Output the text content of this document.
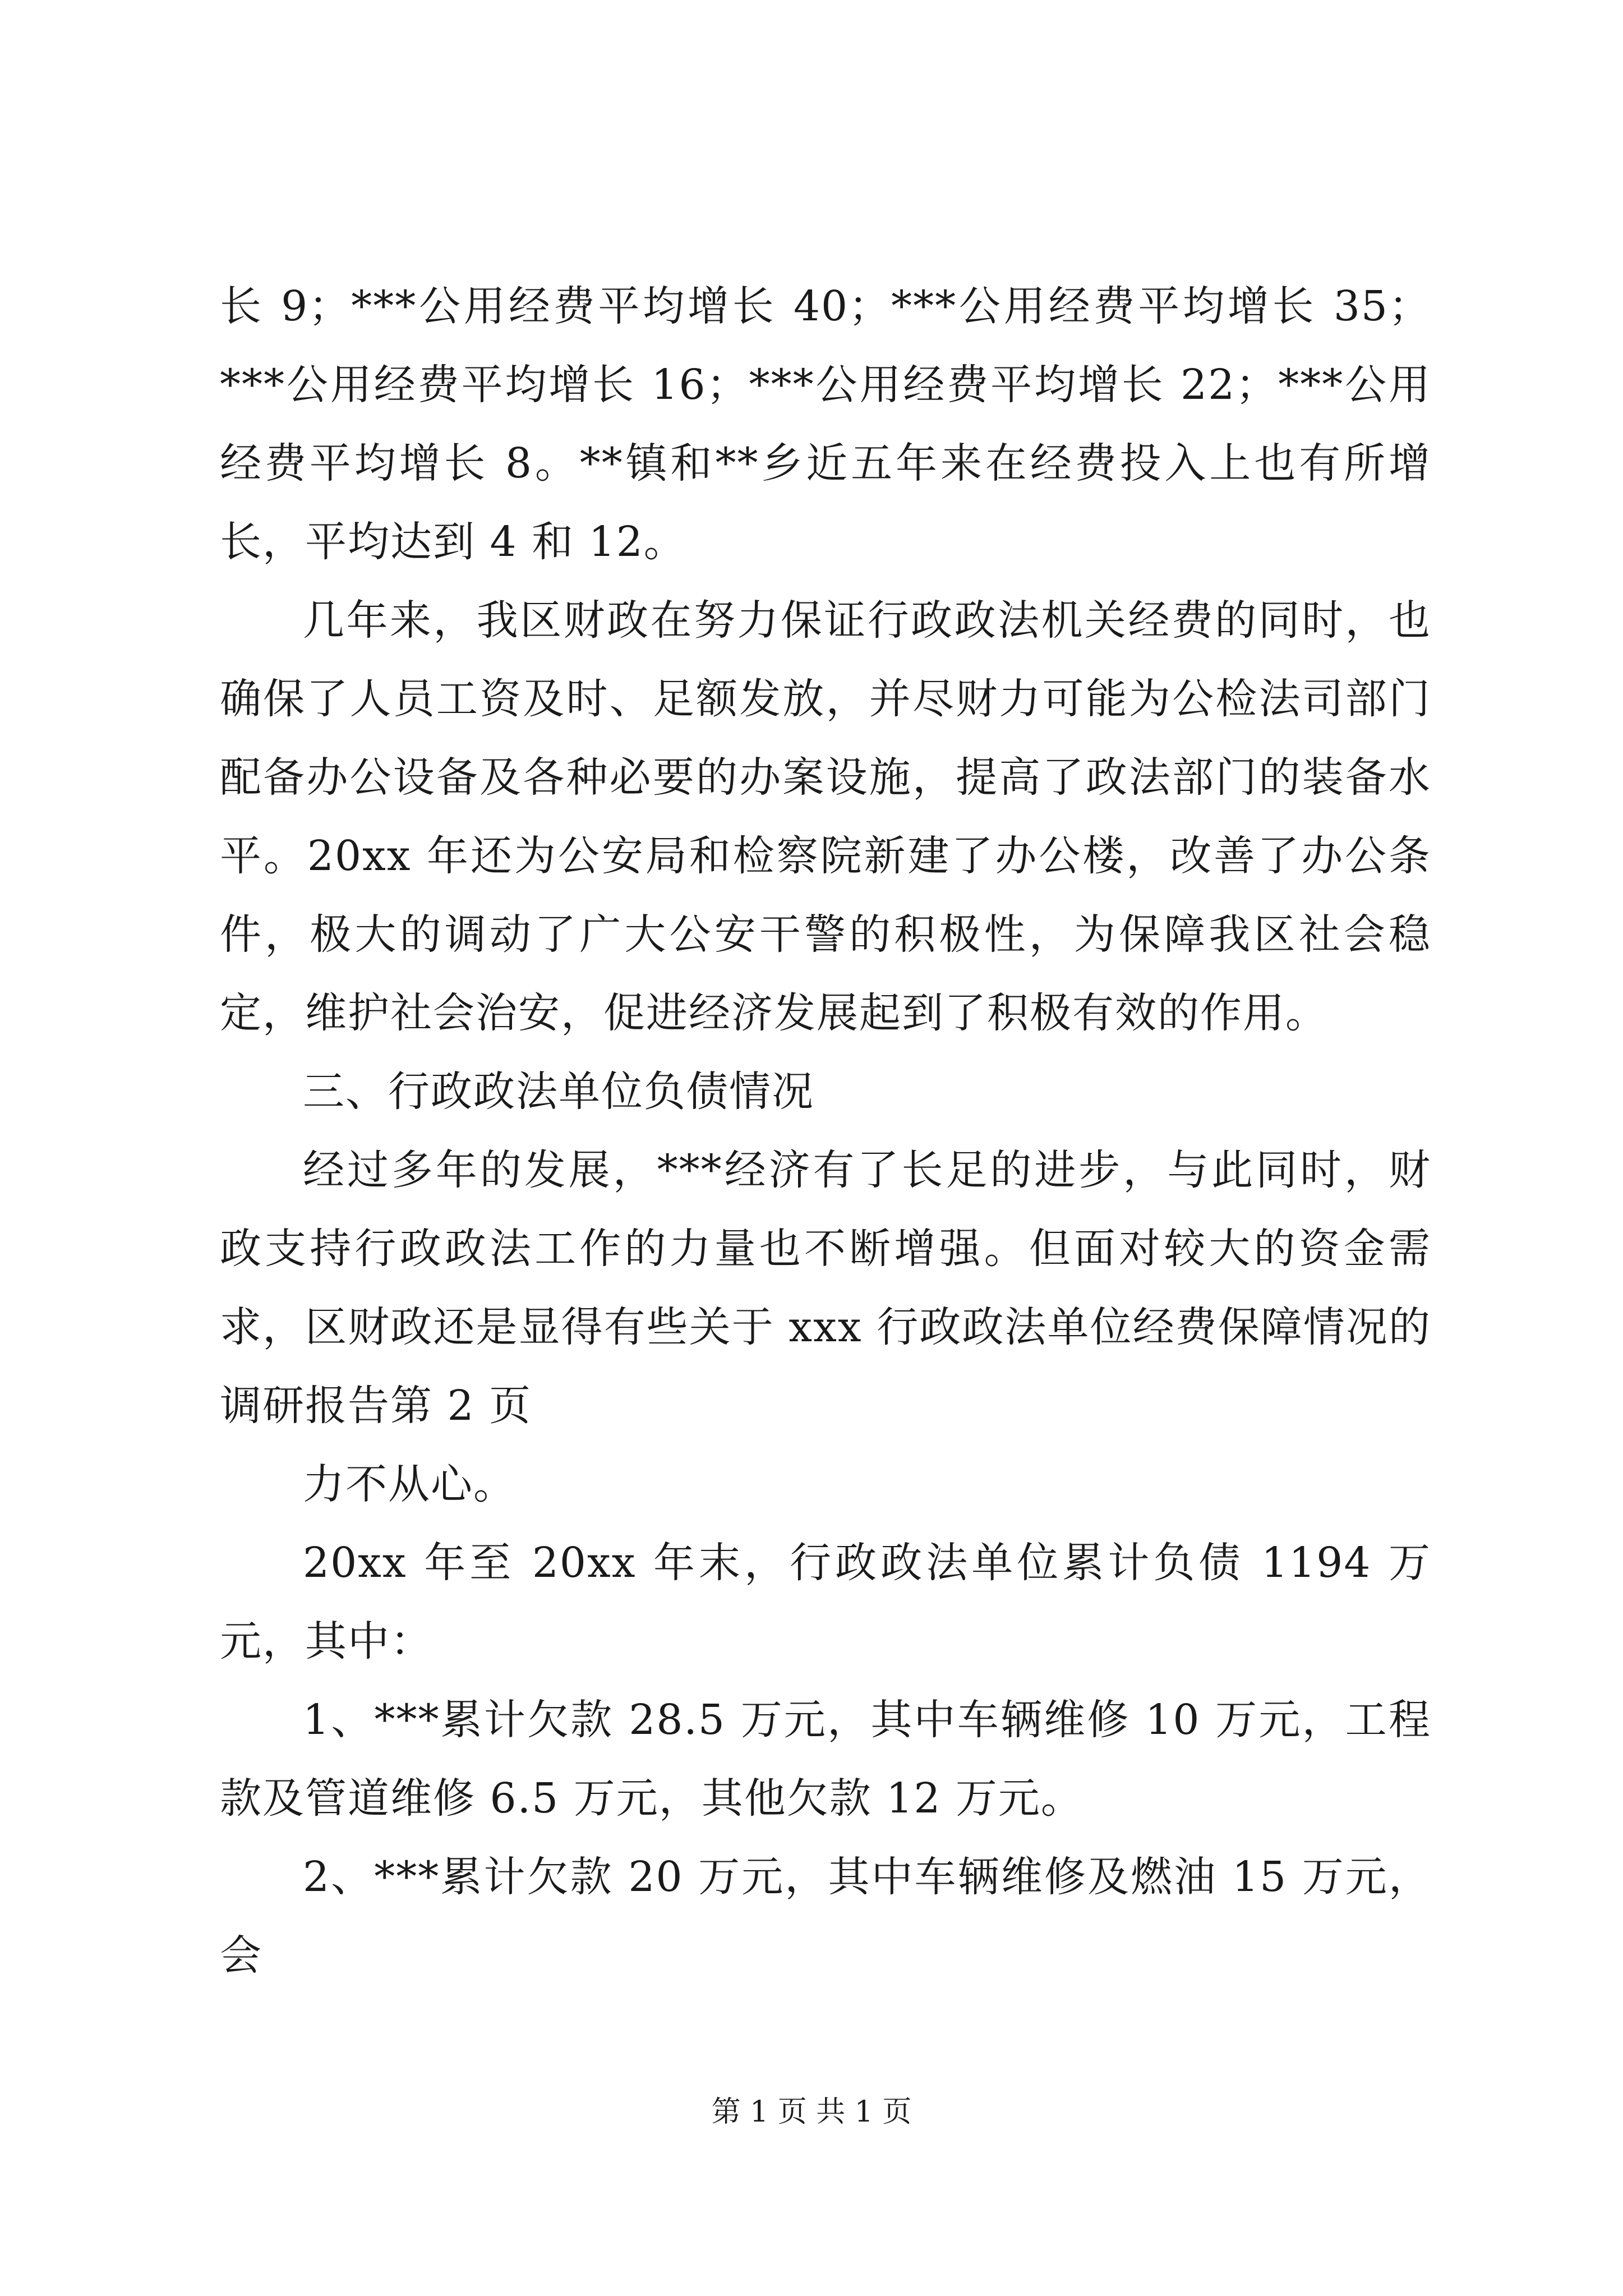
长 9；***公用经费平均增长 40；***公用经费平均增长 35；***公用经费平均增长 16；***公用经费平均增长 22；***公用经费平均增长 8。**镇和**乡近五年来在经费投入上也有所增长，平均达到 4 和 12。

几年来，我区财政在努力保证行政政法机关经费的同时，也确保了人员工资及时、足额发放，并尽财力可能为公检法司部门配备办公设备及各种必要的办案设施，提高了政法部门的装备水平。20xx 年还为公安局和检察院新建了办公楼，改善了办公条件，极大的调动了广大公安干警的积极性，为保障我区社会稳定，维护社会治安，促进经济发展起到了积极有效的作用。

三、行政政法单位负债情况

经过多年的发展，***经济有了长足的进步，与此同时，财政支持行政政法工作的力量也不断增强。但面对较大的资金需求，区财政还是显得有些关于 xxx 行政政法单位经费保障情况的调研报告第 2 页

力不从心。

20xx 年至 20xx 年末，行政政法单位累计负债 1194 万元，其中：

1、***累计欠款 28.5 万元，其中车辆维修 10 万元，工程款及管道维修 6.5 万元，其他欠款 12 万元。

2、***累计欠款 20 万元，其中车辆维修及燃油 15 万元，会

第 1 页 共 1 页
